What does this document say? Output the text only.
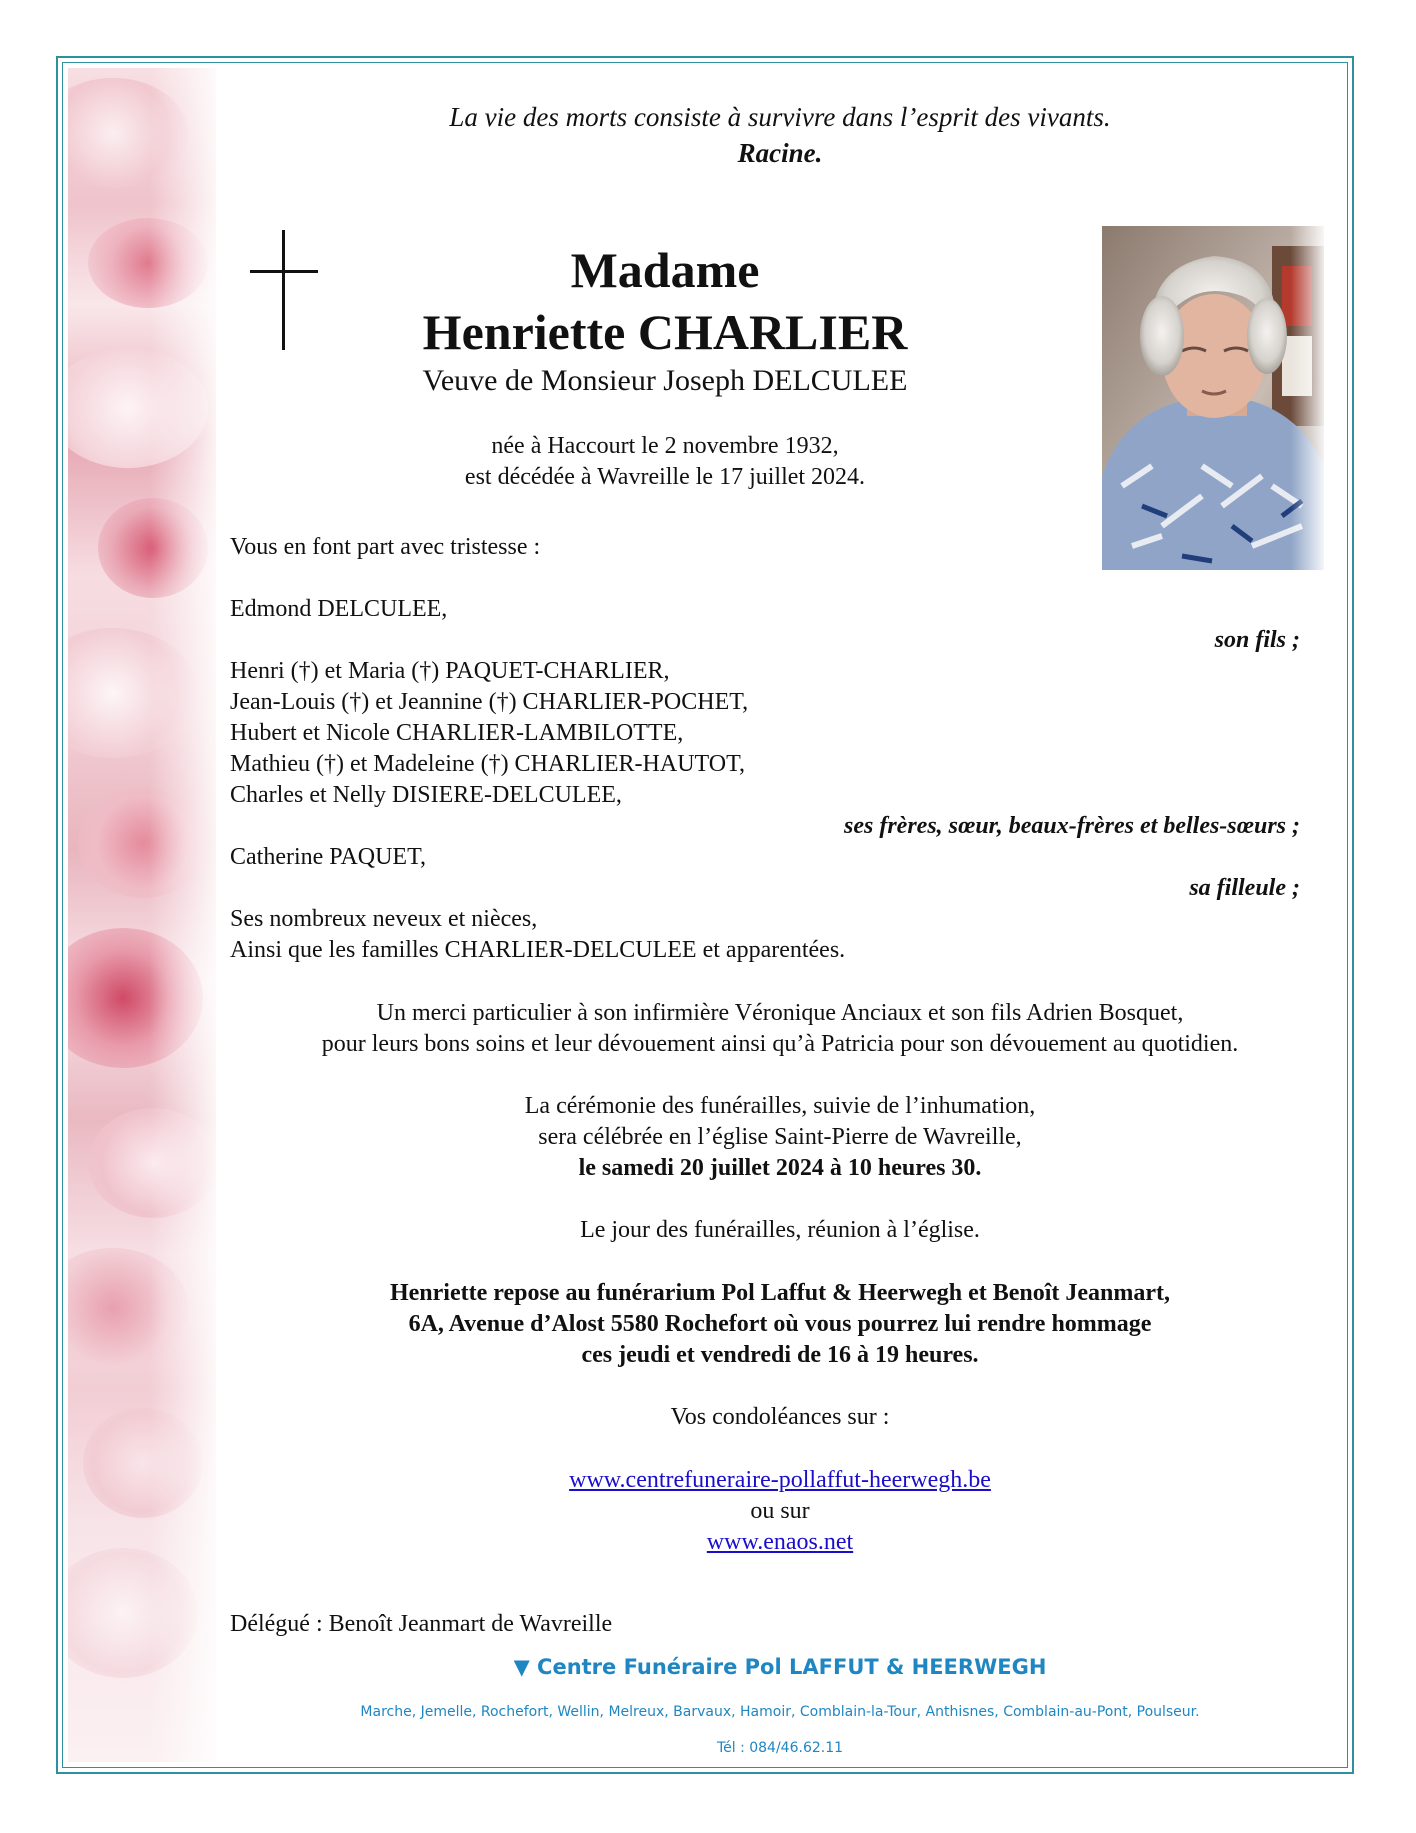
La vie des morts consiste à survivre dans l’esprit des vivants.
Racine.
Madame
Henriette CHARLIER
Veuve de Monsieur Joseph DELCULEE
née à Haccourt le 2 novembre 1932,
est décédée à Wavreille le 17 juillet 2024.
Vous en font part avec tristesse :
Edmond DELCULEE,
son fils ;
Henri (†) et Maria (†) PAQUET-CHARLIER,
Jean-Louis (†) et Jeannine (†) CHARLIER-POCHET,
Hubert et Nicole CHARLIER-LAMBILOTTE,
Mathieu (†) et Madeleine (†) CHARLIER-HAUTOT,
Charles et Nelly DISIERE-DELCULEE,
ses frères, sœur, beaux-frères et belles-sœurs ;
Catherine PAQUET,
sa filleule ;
Ses nombreux neveux et nièces,
Ainsi que les familles CHARLIER-DELCULEE et apparentées.
Un merci particulier à son infirmière Véronique Anciaux et son fils Adrien Bosquet,
pour leurs bons soins et leur dévouement ainsi qu’à Patricia pour son dévouement au quotidien.
La cérémonie des funérailles, suivie de l’inhumation,
sera célébrée en l’église Saint-Pierre de Wavreille,
le samedi 20 juillet 2024 à 10 heures 30.
Le jour des funérailles, réunion à l’église.
Henriette repose au funérarium Pol Laffut & Heerwegh et Benoît Jeanmart,
6A, Avenue d’Alost 5580 Rochefort où vous pourrez lui rendre hommage
ces jeudi et vendredi de 16 à 19 heures.
Vos condoléances sur :
www.centrefuneraire-pollaffut-heerwegh.be
ou sur
www.enaos.net
Délégué : Benoît Jeanmart de Wavreille
▼ Centre Funéraire Pol LAFFUT & HEERWEGH
Marche, Jemelle, Rochefort, Wellin, Melreux, Barvaux, Hamoir, Comblain-la-Tour, Anthisnes, Comblain-au-Pont, Poulseur.
Tél : 084/46.62.11
